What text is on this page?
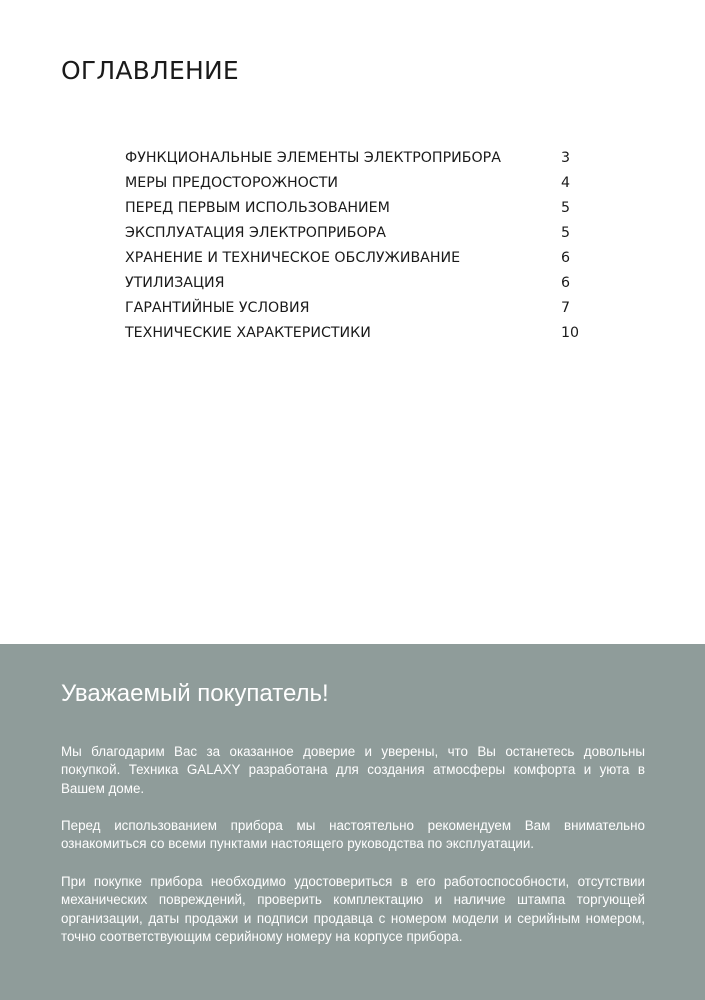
ОГЛАВЛЕНИЕ
ФУНКЦИОНАЛЬНЫЕ ЭЛЕМЕНТЫ ЭЛЕКТРОПРИБОРА	3
МЕРЫ ПРЕДОСТОРОЖНОСТИ	4
ПЕРЕД ПЕРВЫМ ИСПОЛЬЗОВАНИЕМ	5
ЭКСПЛУАТАЦИЯ ЭЛЕКТРОПРИБОРА	5
ХРАНЕНИЕ И ТЕХНИЧЕСКОЕ ОБСЛУЖИВАНИЕ	6
УТИЛИЗАЦИЯ	6
ГАРАНТИЙНЫЕ УСЛОВИЯ	7
ТЕХНИЧЕСКИЕ ХАРАКТЕРИСТИКИ	10
Уважаемый покупатель!

Мы благодарим Вас за оказанное доверие и уверены, что Вы останетесь довольны покупкой. Техника GALAXY разработана для создания атмосферы комфорта и уюта в Вашем доме.

Перед использованием прибора мы настоятельно рекомендуем Вам внимательно ознакомиться со всеми пунктами настоящего руководства по эксплуатации.

При покупке прибора необходимо удостовериться в его работоспособности, отсутствии механических повреждений, проверить комплектацию и наличие штампа торгующей организации, даты продажи и подписи продавца с номером модели и серийным номером, точно соответствующим серийному номеру на корпусе прибора.
